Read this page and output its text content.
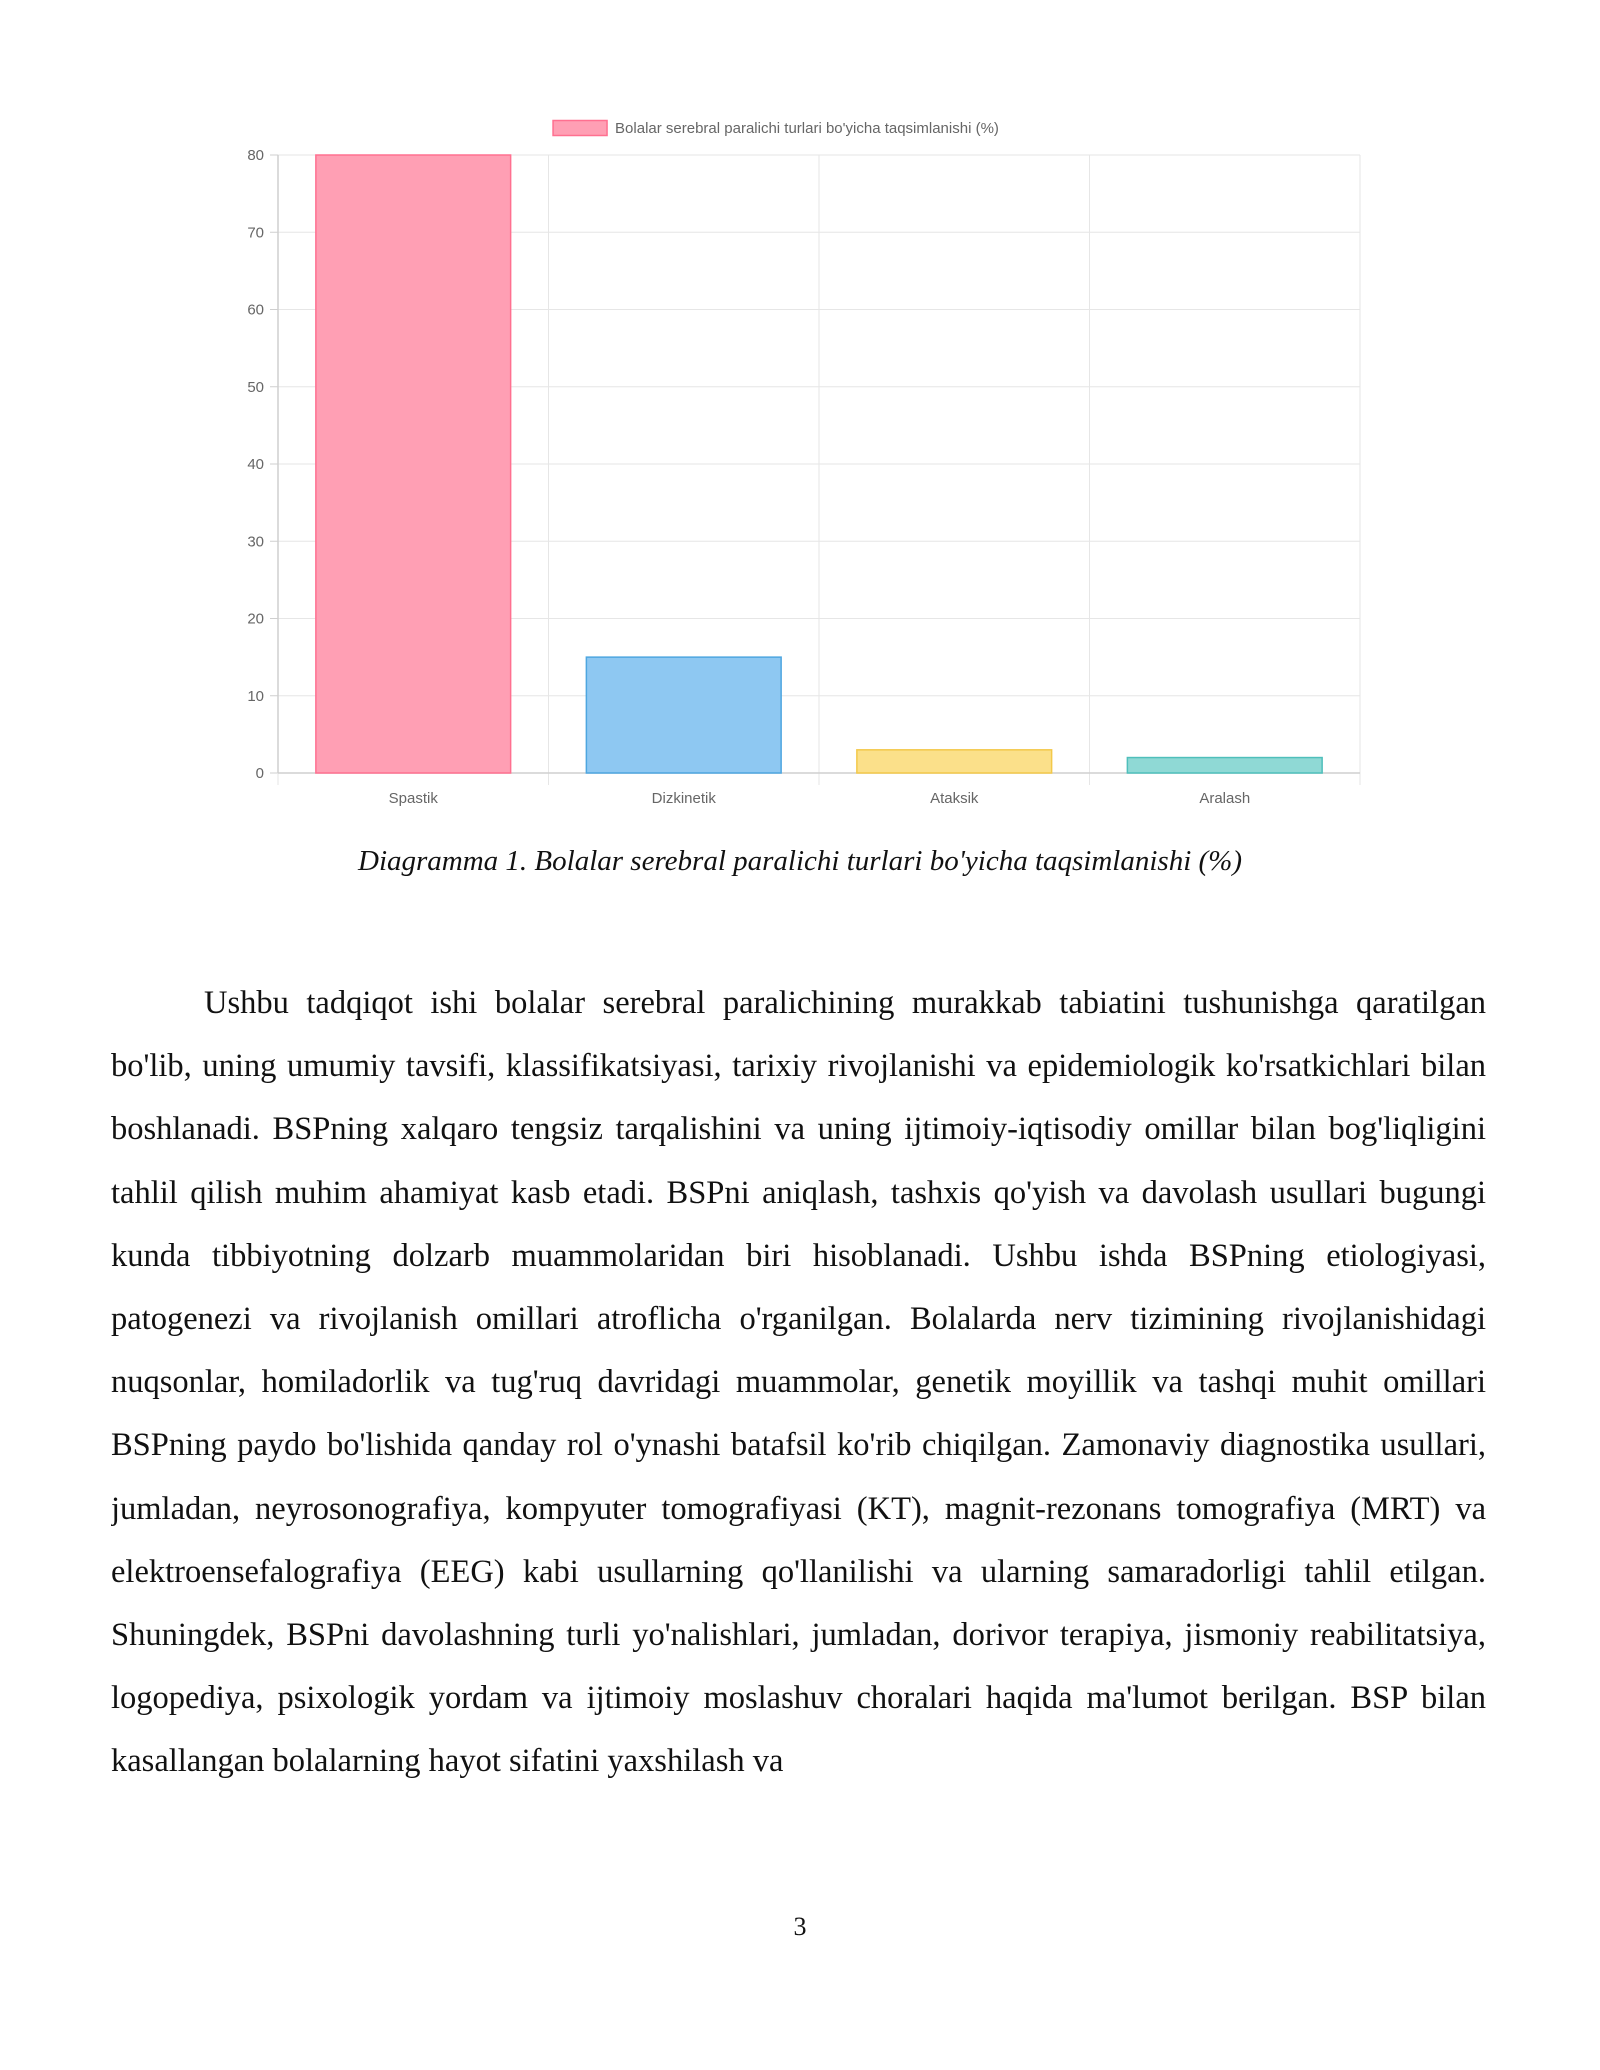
0
10
20
30
40
50
60
70
80
Spastik	Dizkinetik	Ataksik	Aralash
Bolalar serebral paralichi turlari bo'yicha taqsimlanishi (%)
Diagramma 1. Bolalar serebral paralichi turlari bo'yicha taqsimlanishi (%)

Ushbu tadqiqot ishi bolalar serebral paralichining murakkab tabiatini tushunishga qaratilgan bo'lib, uning umumiy tavsifi, klassifikatsiyasi, tarixiy rivojlanishi va epidemiologik ko'rsatkichlari bilan boshlanadi. BSPning xalqaro tengsiz tarqalishini va uning ijtimoiy-iqtisodiy omillar bilan bog'liqligini tahlil qilish muhim ahamiyat kasb etadi. BSPni aniqlash, tashxis qo'yish va davolash usullari bugungi kunda tibbiyotning dolzarb muammolaridan biri hisoblanadi. Ushbu ishda BSPning etiologiyasi, patogenezi va rivojlanish omillari atroflicha o'rganilgan. Bolalarda nerv tizimining rivojlanishidagi nuqsonlar, homiladorlik va tug'ruq davridagi muammolar, genetik moyillik va tashqi muhit omillari BSPning paydo bo'lishida qanday rol o'ynashi batafsil ko'rib chiqilgan. Zamonaviy diagnostika usullari, jumladan, neyrosonografiya, kompyuter tomografiyasi (KT), magnit-rezonans tomografiya (MRT) va elektroensefalografiya (EEG) kabi usullarning qo'llanilishi va ularning samaradorligi tahlil etilgan. Shuningdek, BSPni davolashning turli yo'nalishlari, jumladan, dorivor terapiya, jismoniy reabilitatsiya, logopediya, psixologik yordam va ijtimoiy moslashuv choralari haqida ma'lumot berilgan. BSP bilan kasallangan bolalarning hayot sifatini yaxshilash va

3
